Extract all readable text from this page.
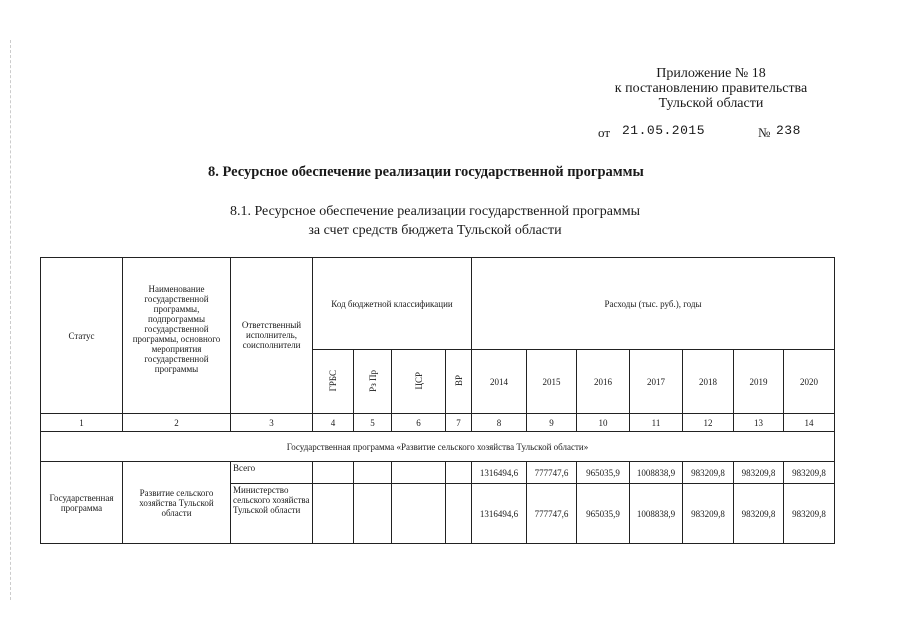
Приложение № 18
к постановлению правительства
Тульской области
от 21.05.2015	№ 238
8. Ресурсное обеспечение реализации государственной программы
8.1. Ресурсное обеспечение реализации государственной программы
за счет средств бюджета Тульской области
Статус	Наименование государственной программы, подпрограммы государственной программы, основного мероприятия государственной программы	Ответственный исполнитель, соисполнители	Код бюджетной классификации				Расходы (тыс. руб.), годы						
			ГРБС	Рз Пр	ЦСР	ВР	2014	2015	2016	2017	2018	2019	2020
1	2	3	4	5	6	7	8	9	10	11	12	13	14
Государственная программа «Развитие сельского хозяйства Тульской области»													
Государственная программа	Развитие сельского хозяйства Тульской области	Всего					1316494,6	777747,6	965035,9	1008838,9	983209,8	983209,8	983209,8
		Министерство сельского хозяйства Тульской области					1316494,6	777747,6	965035,9	1008838,9	983209,8	983209,8	983209,8
